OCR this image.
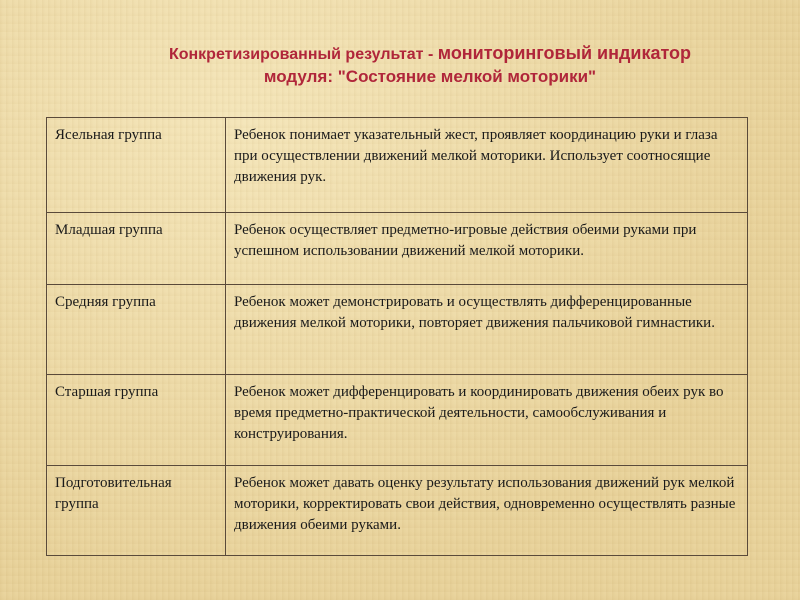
Конкретизированный результат - мониторинговый индикатор
модуля: "Состояние мелкой моторики"
Ясельная группа	Ребенок понимает указательный жест, проявляет координацию руки и глаза при осуществлении движений мелкой моторики. Использует соотносящие движения рук.
Младшая группа	Ребенок осуществляет предметно-игровые действия обеими руками при успешном использовании движений мелкой моторики.
Средняя группа	Ребенок может демонстрировать и осуществлять дифференцированные движения мелкой моторики, повторяет движения пальчиковой гимнастики.
Старшая группа	Ребенок может дифференцировать и координировать движения обеих рук во время предметно-практической деятельности, самообслуживания и конструирования.
Подготовительная группа	Ребенок может давать оценку результату использования движений рук мелкой моторики, корректировать свои действия, одновременно осуществлять разные движения обеими руками.
